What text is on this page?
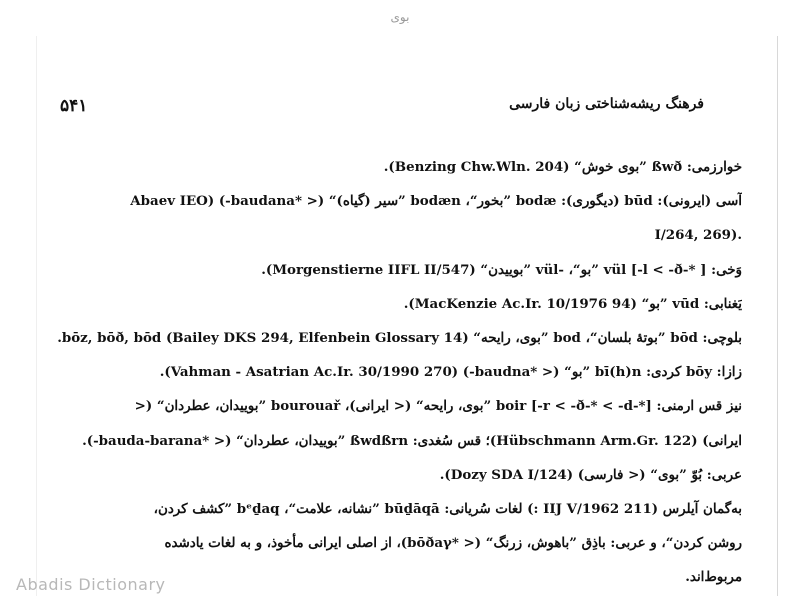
بوی
۵۴۱	فرهنگ ریشه‌شناختی زبان فارسی
خوارزمی: ßwð ”بوی خوش“ (Benzing Chw.Wln. 204).
آسی (ایرونی): būd (دیگوری): bodæ ”بخور“، bodæn ”سیر (گیاه)“ (< *baudana-) (Abaev IEO
I/264, 269).
وَخی: vül [-l < -ð-* ] ”بو“، -vül ”بوییدن“ (Morgenstierne IIFL II/547).
یَغنابی: vūd ”بو“ (MacKenzie Ac.Ir. 10/1976 94).
بلوچی: bōd ”بوتهٔ بلسان“، bod ”بوی، رایحه“ (Bailey DKS 294, Elfenbein Glossary 14) bōz, bōð, bōd.
زازا: bōy کردی: bī(h)n ”بو“ (< *baudna-) (Vahman - Asatrian Ac.Ir. 30/1990 270).
نیز قس ارمنی: boir [-r < -ð-* < -d-*] ”بوی، رایحه“ (< ایرانی)، bourouař ”بوییدان، عطردان“ (<
ایرانی) (Hübschmann Arm.Gr. 122)؛ قس سُغدی: ßwdßrn ”بوییدان، عطردان“ (< *bauda-barana-).
عربی: بُوّ ”بوی“ (< فارسی) (Dozy SDA I/124).
به‌گمان آیلرس (IIJ V/1962 211 :) لغات سُریانی: būḏāqā ”نشانه، علامت“، bᵉḏaq ”کشف کردن،
روشن کردن“، و عربی: باذِق ”باهوش، زرنگ“ (< *bōðaγ)، از اصلی ایرانی مأخوذ، و به لغات یادشده
مربوط‌اند.
Abadis Dictionary
